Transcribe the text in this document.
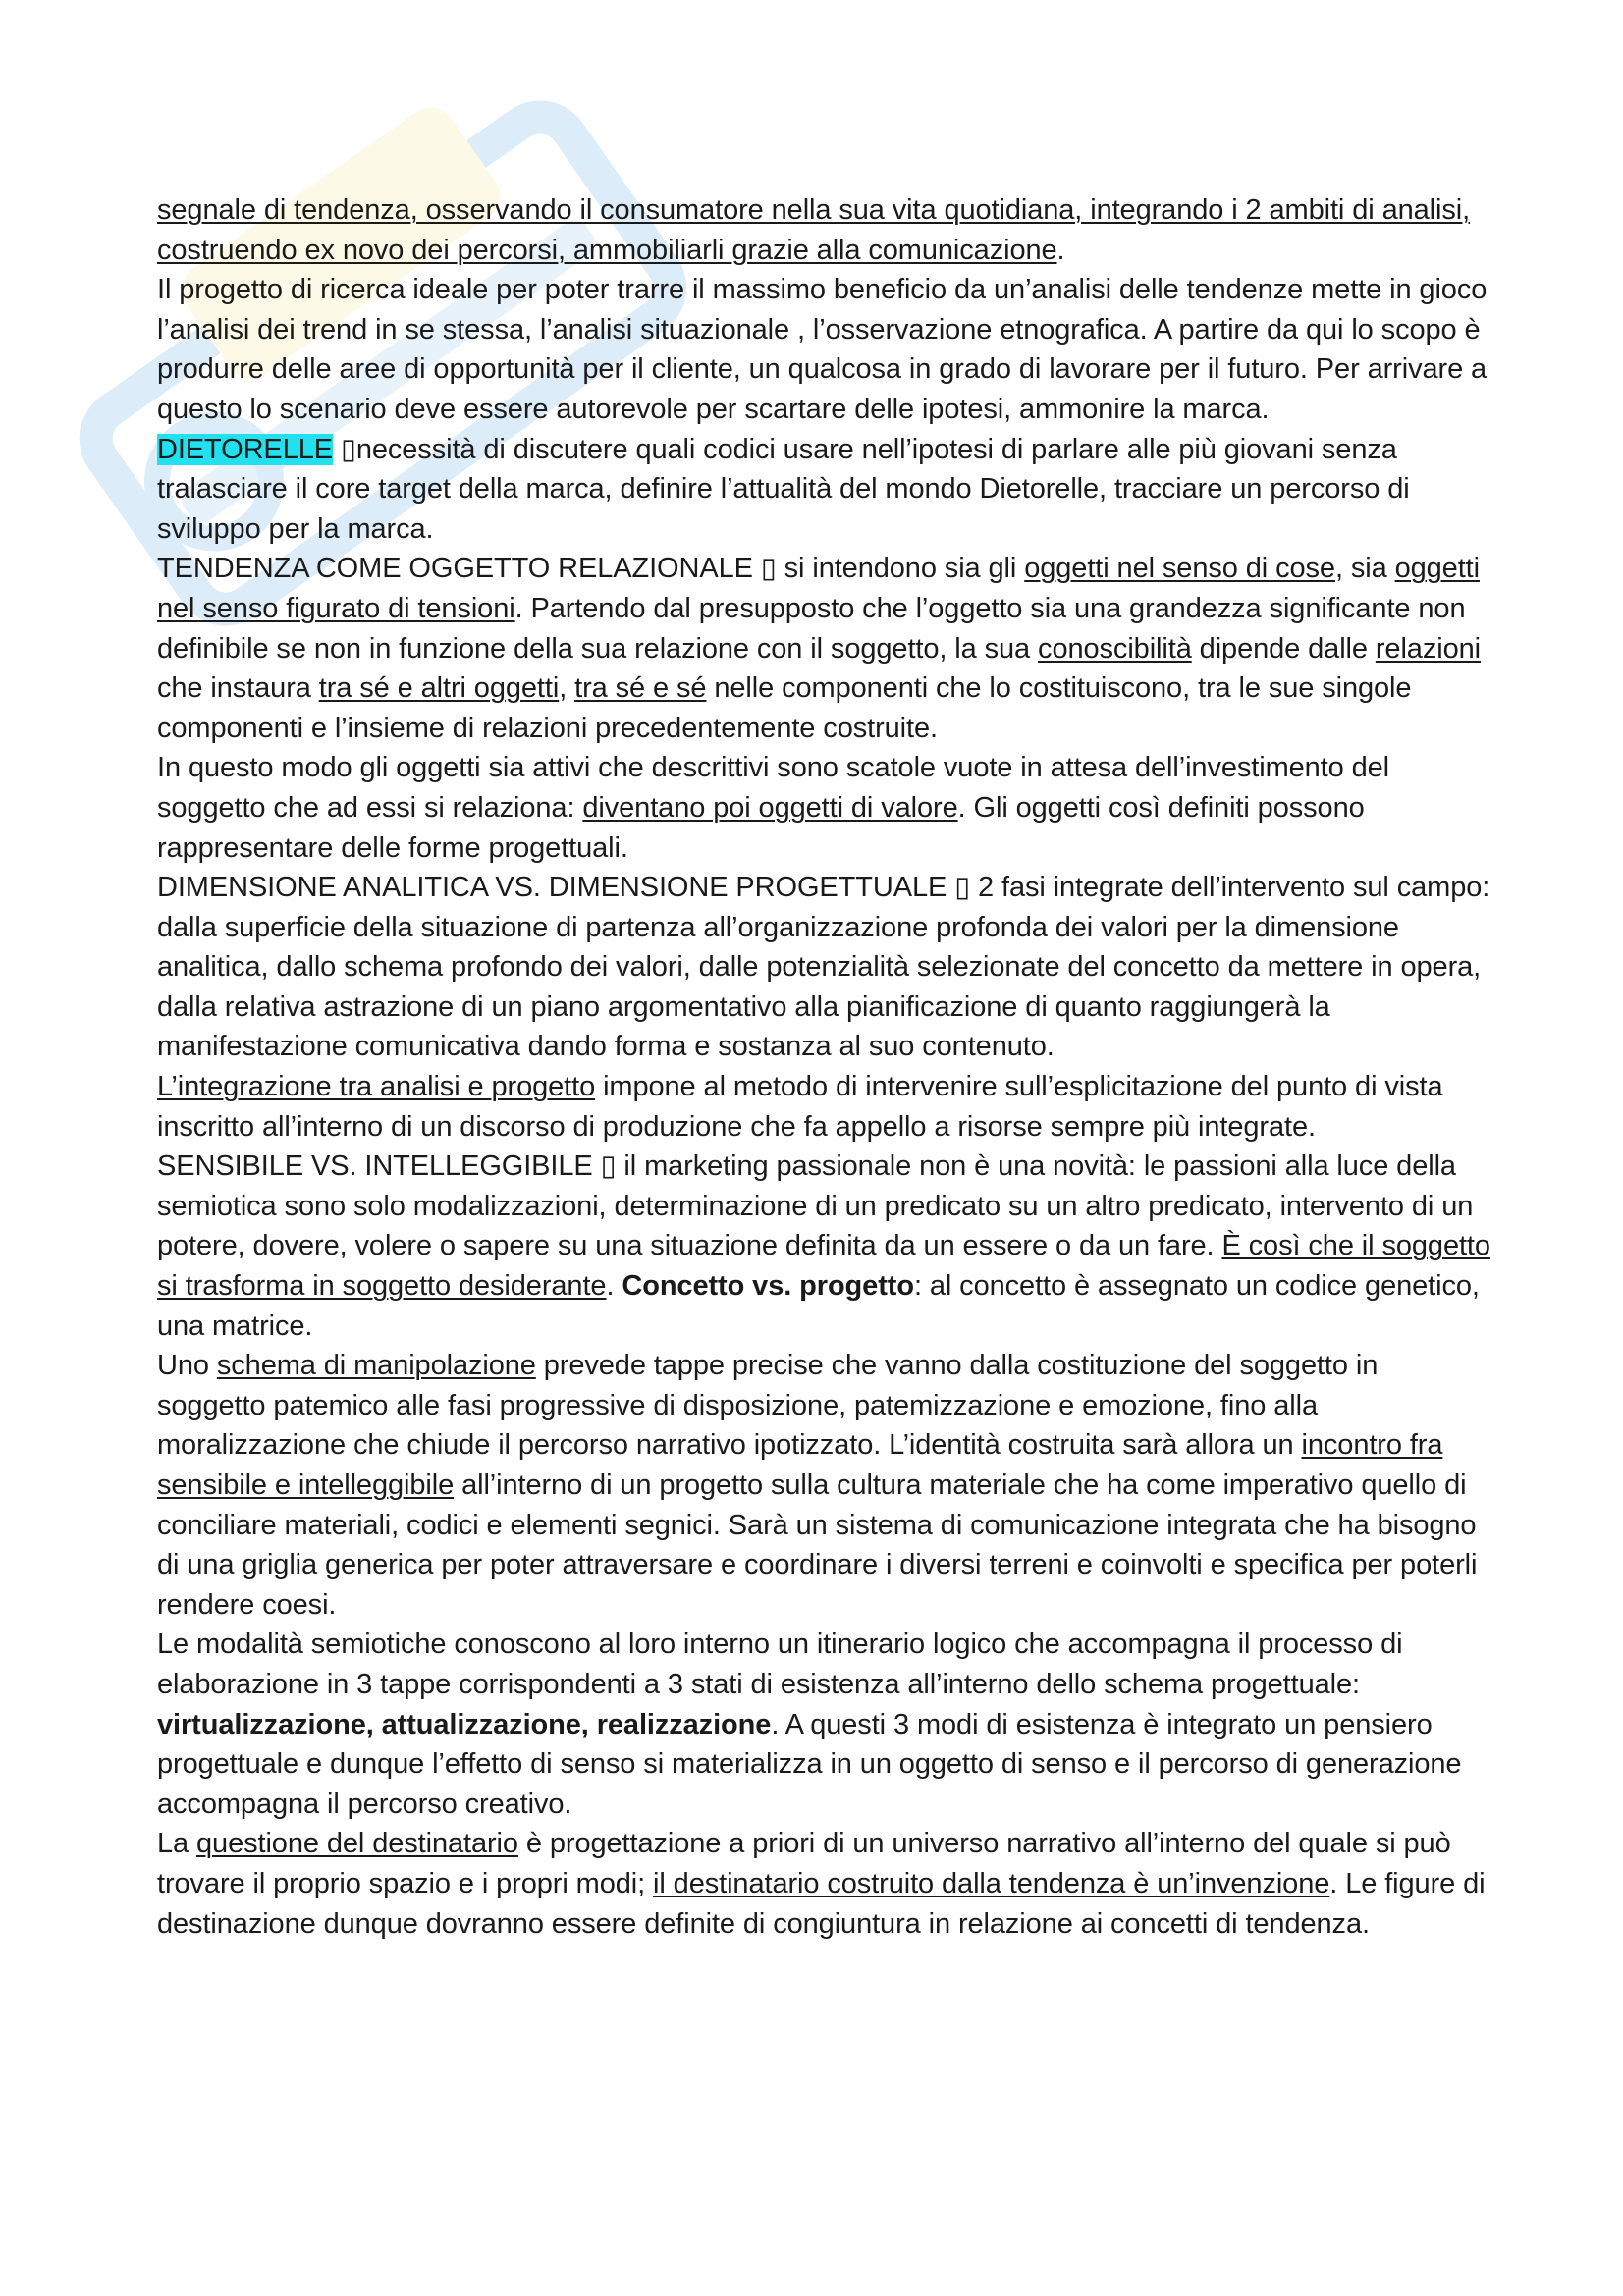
segnale di tendenza, osservando il consumatore nella sua vita quotidiana, integrando i 2 ambiti di analisi, costruendo ex novo dei percorsi, ammobiliarli grazie alla comunicazione.

Il progetto di ricerca ideale per poter trarre il massimo beneficio da un’analisi delle tendenze mette in gioco l’analisi dei trend in se stessa, l’analisi situazionale , l’osservazione etnografica. A partire da qui lo scopo è produrre delle aree di opportunità per il cliente, un qualcosa in grado di lavorare per il futuro. Per arrivare a questo lo scenario deve essere autorevole per scartare delle ipotesi, ammonire la marca.

DIETORELLE ▯necessità di discutere quali codici usare nell’ipotesi di parlare alle più giovani senza tralasciare il core target della marca, definire l’attualità del mondo Dietorelle, tracciare un percorso di sviluppo per la marca.

TENDENZA COME OGGETTO RELAZIONALE ▯ si intendono sia gli oggetti nel senso di cose, sia oggetti nel senso figurato di tensioni. Partendo dal presupposto che l’oggetto sia una grandezza significante non definibile se non in funzione della sua relazione con il soggetto, la sua conoscibilità dipende dalle relazioni che instaura tra sé e altri oggetti, tra sé e sé nelle componenti che lo costituiscono, tra le sue singole componenti e l’insieme di relazioni precedentemente costruite.

In questo modo gli oggetti sia attivi che descrittivi sono scatole vuote in attesa dell’investimento del soggetto che ad essi si relaziona: diventano poi oggetti di valore. Gli oggetti così definiti possono rappresentare delle forme progettuali.

DIMENSIONE ANALITICA VS. DIMENSIONE PROGETTUALE ▯ 2 fasi integrate dell’intervento sul campo: dalla superficie della situazione di partenza all’organizzazione profonda dei valori per la dimensione analitica, dallo schema profondo dei valori, dalle potenzialità selezionate del concetto da mettere in opera, dalla relativa astrazione di un piano argomentativo alla pianificazione di quanto raggiungerà la manifestazione comunicativa dando forma e sostanza al suo contenuto.

L’integrazione tra analisi e progetto impone al metodo di intervenire sull’esplicitazione del punto di vista inscritto all’interno di un discorso di produzione che fa appello a risorse sempre più integrate.

SENSIBILE VS. INTELLEGGIBILE ▯ il marketing passionale non è una novità: le passioni alla luce della semiotica sono solo modalizzazioni, determinazione di un predicato su un altro predicato, intervento di un potere, dovere, volere o sapere su una situazione definita da un essere o da un fare. È così che il soggetto si trasforma in soggetto desiderante. Concetto vs. progetto: al concetto è assegnato un codice genetico, una matrice.

Uno schema di manipolazione prevede tappe precise che vanno dalla costituzione del soggetto in soggetto patemico alle fasi progressive di disposizione, patemizzazione e emozione, fino alla moralizzazione che chiude il percorso narrativo ipotizzato. L’identità costruita sarà allora un incontro fra sensibile e intelleggibile all’interno di un progetto sulla cultura materiale che ha come imperativo quello di conciliare materiali, codici e elementi segnici. Sarà un sistema di comunicazione integrata che ha bisogno di una griglia generica per poter attraversare e coordinare i diversi terreni e coinvolti e specifica per poterli rendere coesi.

Le modalità semiotiche conoscono al loro interno un itinerario logico che accompagna il processo di elaborazione in 3 tappe corrispondenti a 3 stati di esistenza all’interno dello schema progettuale: virtualizzazione, attualizzazione, realizzazione. A questi 3 modi di esistenza è integrato un pensiero progettuale e dunque l’effetto di senso si materializza in un oggetto di senso e il percorso di generazione accompagna il percorso creativo.

La questione del destinatario è progettazione a priori di un universo narrativo all’interno del quale si può trovare il proprio spazio e i propri modi; il destinatario costruito dalla tendenza è un’invenzione. Le figure di destinazione dunque dovranno essere definite di congiuntura in relazione ai concetti di tendenza.
